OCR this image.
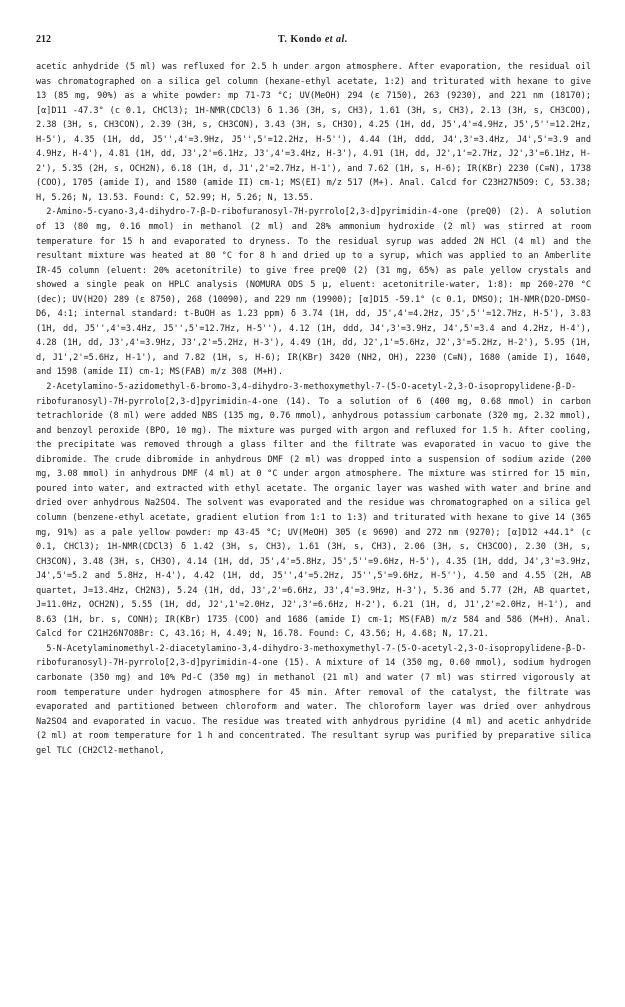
212	T. Kondo et al.

acetic anhydride (5 ml) was refluxed for 2.5 h under argon atmosphere. After evaporation, the residual oil was chromatographed on a silica gel column (hexane-ethyl acetate, 1:2) and triturated with hexane to give 13 (85 mg, 90%) as a white powder: mp 71-73 °C; UV(MeOH) 294 (ε 7150), 263 (9230), and 221 nm (18170); [α]D11 -47.3° (c 0.1, CHCl3); 1H-NMR(CDCl3) δ 1.36 (3H, s, CH3), 1.61 (3H, s, CH3), 2.13 (3H, s, CH3COO), 2.38 (3H, s, CH3CON), 2.39 (3H, s, CH3CON), 3.43 (3H, s, CH3O), 4.25 (1H, dd, J5',4'=4.9Hz, J5',5''=12.2Hz, H-5'), 4.35 (1H, dd, J5'',4'=3.9Hz, J5'',5'=12.2Hz, H-5''), 4.44 (1H, ddd, J4',3'=3.4Hz, J4',5'=3.9 and 4.9Hz, H-4'), 4.81 (1H, dd, J3',2'=6.1Hz, J3',4'=3.4Hz, H-3'), 4.91 (1H, dd, J2',1'=2.7Hz, J2',3'=6.1Hz, H-2'), 5.35 (2H, s, OCH2N), 6.18 (1H, d, J1',2'=2.7Hz, H-1'), and 7.62 (1H, s, H-6); IR(KBr) 2230 (C≡N), 1738 (COO), 1705 (amide I), and 1580 (amide II) cm-1; MS(EI) m/z 517 (M+). Anal. Calcd for C23H27N5O9: C, 53.38; H, 5.26; N, 13.53. Found: C, 52.99; H, 5.26; N, 13.55.

2-Amino-5-cyano-3,4-dihydro-7-β-D-ribofuranosyl-7H-pyrrolo[2,3-d]pyrimidin-4-one (preQ0) (2). A solution of 13 (80 mg, 0.16 mmol) in methanol (2 ml) and 28% ammonium hydroxide (2 ml) was stirred at room temperature for 15 h and evaporated to dryness. To the residual syrup was added 2N HCl (4 ml) and the resultant mixture was heated at 80 °C for 8 h and dried up to a syrup, which was applied to an Amberlite IR-45 column (eluent: 20% acetonitrile) to give free preQ0 (2) (31 mg, 65%) as pale yellow crystals and showed a single peak on HPLC analysis (NOMURA ODS 5 μ, eluent: acetonitrile-water, 1:8): mp 260-270 °C (dec); UV(H2O) 289 (ε 8750), 268 (10090), and 229 nm (19900); [α]D15 -59.1° (c 0.1, DMSO); 1H-NMR(D2O-DMSO-D6, 4:1; internal standard: t-BuOH as 1.23 ppm) δ 3.74 (1H, dd, J5',4'=4.2Hz, J5',5''=12.7Hz, H-5'), 3.83 (1H, dd, J5'',4'=3.4Hz, J5'',5'=12.7Hz, H-5''), 4.12 (1H, ddd, J4',3'=3.9Hz, J4',5'=3.4 and 4.2Hz, H-4'), 4.28 (1H, dd, J3',4'=3.9Hz, J3',2'=5.2Hz, H-3'), 4.49 (1H, dd, J2',1'=5.6Hz, J2',3'=5.2Hz, H-2'), 5.95 (1H, d, J1',2'=5.6Hz, H-1'), and 7.82 (1H, s, H-6); IR(KBr) 3420 (NH2, OH), 2230 (C≡N), 1680 (amide I), 1640, and 1598 (amide II) cm-1; MS(FAB) m/z 308 (M+H).

2-Acetylamino-5-azidomethyl-6-bromo-3,4-dihydro-3-methoxymethyl-7-(5-O-acetyl-2,3-O-isopropylidene-β-D-ribofuranosyl)-7H-pyrrolo[2,3-d]pyrimidin-4-one (14). To a solution of 6 (400 mg, 0.68 mmol) in carbon tetrachloride (8 ml) were added NBS (135 mg, 0.76 mmol), anhydrous potassium carbonate (320 mg, 2.32 mmol), and benzoyl peroxide (BPO, 10 mg). The mixture was purged with argon and refluxed for 1.5 h. After cooling, the precipitate was removed through a glass filter and the filtrate was evaporated in vacuo to give the dibromide. The crude dibromide in anhydrous DMF (2 ml) was dropped into a suspension of sodium azide (200 mg, 3.08 mmol) in anhydrous DMF (4 ml) at 0 °C under argon atmosphere. The mixture was stirred for 15 min, poured into water, and extracted with ethyl acetate. The organic layer was washed with water and brine and dried over anhydrous Na2SO4. The solvent was evaporated and the residue was chromatographed on a silica gel column (benzene-ethyl acetate, gradient elution from 1:1 to 1:3) and triturated with hexane to give 14 (365 mg, 91%) as a pale yellow powder: mp 43-45 °C; UV(MeOH) 305 (ε 9690) and 272 nm (9270); [α]D12 +44.1° (c 0.1, CHCl3); 1H-NMR(CDCl3) δ 1.42 (3H, s, CH3), 1.61 (3H, s, CH3), 2.06 (3H, s, CH3COO), 2.30 (3H, s, CH3CON), 3.48 (3H, s, CH3O), 4.14 (1H, dd, J5',4'=5.8Hz, J5',5''=9.6Hz, H-5'), 4.35 (1H, ddd, J4',3'=3.9Hz, J4',5'=5.2 and 5.8Hz, H-4'), 4.42 (1H, dd, J5'',4'=5.2Hz, J5'',5'=9.6Hz, H-5''), 4.50 and 4.55 (2H, AB quartet, J=13.4Hz, CH2N3), 5.24 (1H, dd, J3',2'=6.6Hz, J3',4'=3.9Hz, H-3'), 5.36 and 5.77 (2H, AB quartet, J=11.0Hz, OCH2N), 5.55 (1H, dd, J2',1'=2.0Hz, J2',3'=6.6Hz, H-2'), 6.21 (1H, d, J1',2'=2.0Hz, H-1'), and 8.63 (1H, br. s, CONH); IR(KBr) 1735 (COO) and 1686 (amide I) cm-1; MS(FAB) m/z 584 and 586 (M+H). Anal. Calcd for C21H26N7O8Br: C, 43.16; H, 4.49; N, 16.78. Found: C, 43.56; H, 4.68; N, 17.21.

5-N-Acetylaminomethyl-2-diacetylamino-3,4-dihydro-3-methoxymethyl-7-(5-O-acetyl-2,3-O-isopropylidene-β-D-ribofuranosyl)-7H-pyrrolo[2,3-d]pyrimidin-4-one (15). A mixture of 14 (350 mg, 0.60 mmol), sodium hydrogen carbonate (350 mg) and 10% Pd-C (350 mg) in methanol (21 ml) and water (7 ml) was stirred vigorously at room temperature under hydrogen atmosphere for 45 min. After removal of the catalyst, the filtrate was evaporated and partitioned between chloroform and water. The chloroform layer was dried over anhydrous Na2SO4 and evaporated in vacuo. The residue was treated with anhydrous pyridine (4 ml) and acetic anhydride (2 ml) at room temperature for 1 h and concentrated. The resultant syrup was purified by preparative silica gel TLC (CH2Cl2-methanol,
